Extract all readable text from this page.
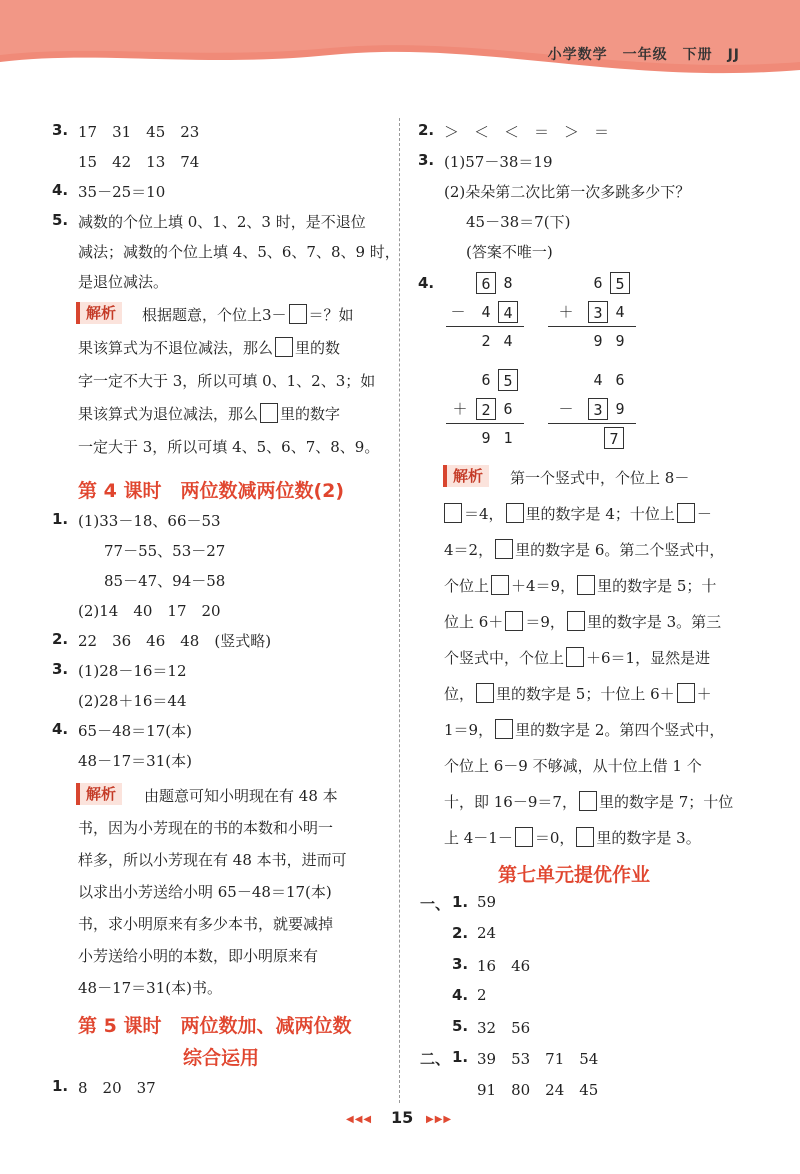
小学数学　一年级　下册　JJ
3. 17　31　45　23
15　42　13　74
4. 35－25＝10
5. 减数的个位上填 0、1、2、3 时，是不退位
减法；减数的个位上填 4、5、6、7、8、9 时，
是退位减法。
解析	根据题意，个位上3－ ＝？如
果该算式为不退位减法，那么 里的数
字一定不大于 3，所以可填 0、1、2、3；如
果该算式为退位减法，那么 里的数字
一定大于 3，所以可填 4、5、6、7、8、9。
第 4 课时　两位数减两位数(2)
1. (1)33－18、66－53
77－55、53－27
85－47、94－58
(2)14　40　17　20
2. 22　36　46　48　(竖式略)
3. (1)28－16＝12
(2)28＋16＝44
4. 65－48＝17(本)
48－17＝31(本)
解析	由题意可知小明现在有 48 本
书，因为小芳现在的书的本数和小明一
样多，所以小芳现在有 48 本书，进而可
以求出小芳送给小明 65－48＝17(本)
书，求小明原来有多少本书，就要减掉
小芳送给小明的本数，即小明原来有
48－17＝31(本)书。
第 5 课时　两位数加、减两位数
综合运用
1. 8　20　37
2. ＞　＜　＜　＝　＞　＝
3. (1)57－38＝19
(2)朵朵第二次比第一次多跳多少下？
45－38＝7(下)
(答案不唯一)
4.	6 8
－	4 4
2 4
6 5
＋	3 4
9 9
6 5
＋ 2 6
9 1
4 6
－	3 9
7
解析	第一个竖式中，个位上 8－
＝4， 里的数字是 4；十位上 －
4＝2， 里的数字是 6。第二个竖式中，
个位上 ＋4＝9， 里的数字是 5；十
位上 6＋ ＝9， 里的数字是 3。第三
个竖式中，个位上 ＋6＝1，显然是进
位， 里的数字是 5；十位上 6＋ ＋
1＝9， 里的数字是 2。第四个竖式中，
个位上 6－9 不够减，从十位上借 1 个
十，即 16－9＝7， 里的数字是 7；十位
上 4－1－ ＝0， 里的数字是 3。
第七单元提优作业
一、 1. 59
2. 24
3. 16　46
4. 2
5. 32　56
二、 1. 39　53　71　54
91　80　24　45
◀◀◀ 15 ▶▶▶
